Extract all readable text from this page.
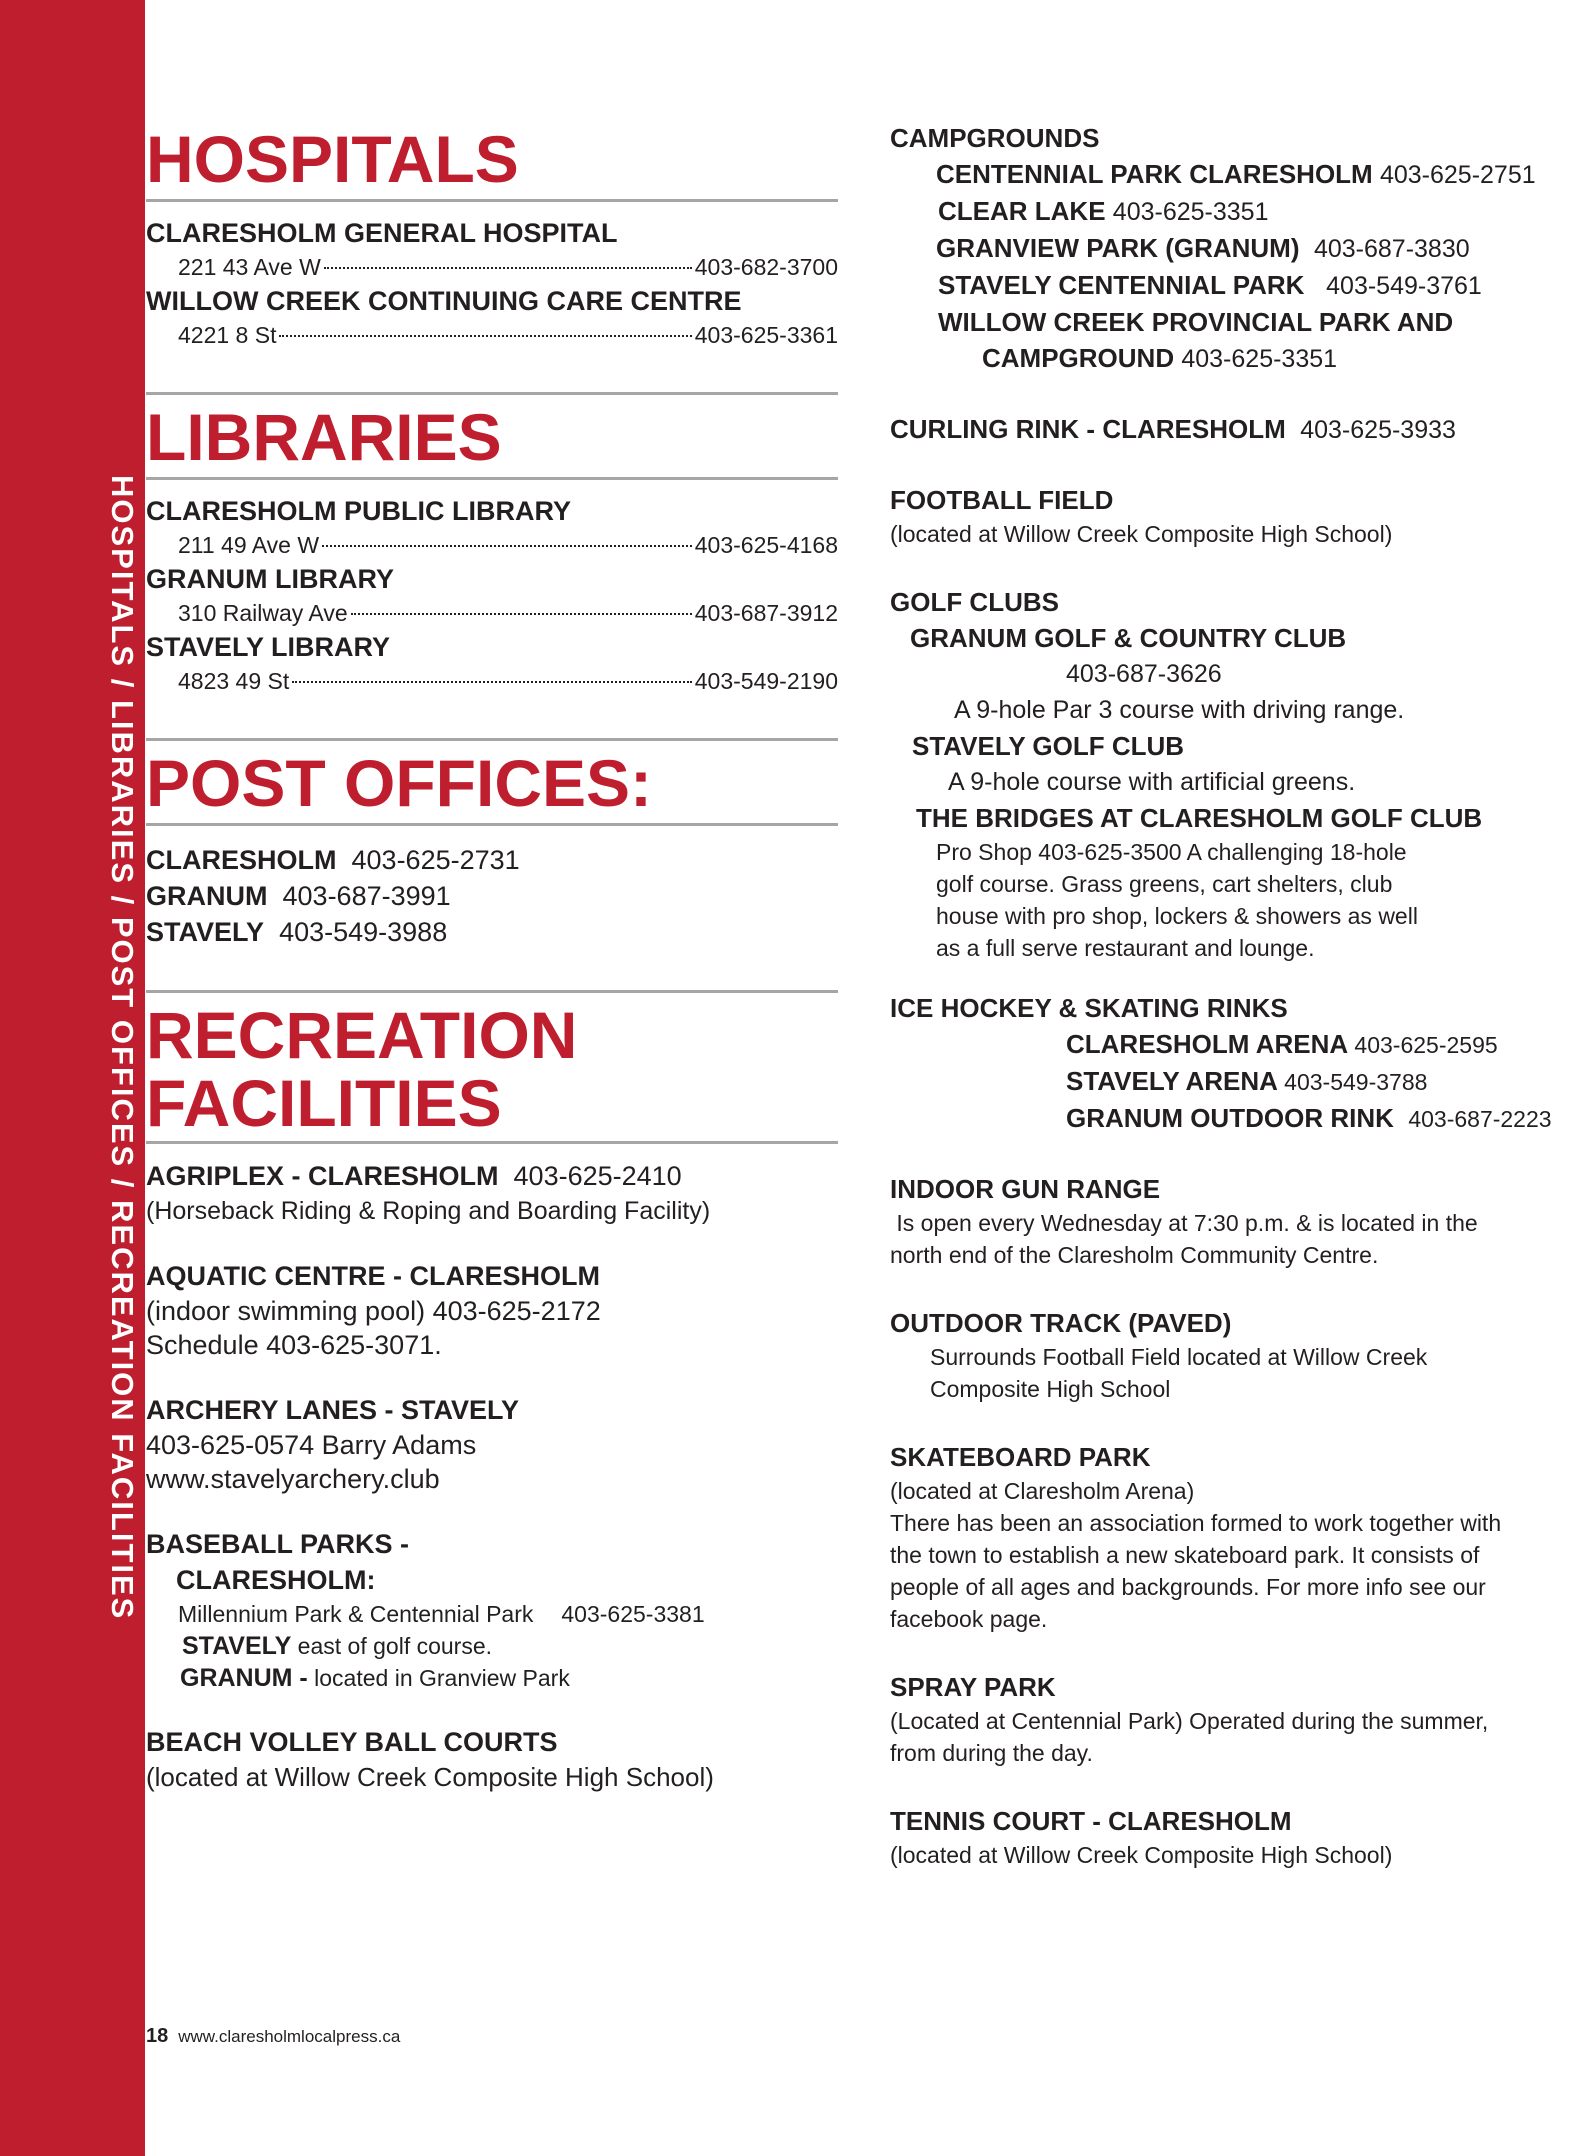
HOSPITALS / LIBRARIES / POST OFFICES / RECREATION FACILITIES
HOSPITALS
CLARESHOLM GENERAL HOSPITAL
221 43 Ave W	403-682-3700
WILLOW CREEK CONTINUING CARE CENTRE
4221 8 St	403-625-3361
LIBRARIES
CLARESHOLM PUBLIC LIBRARY
211 49 Ave W	403-625-4168
GRANUM LIBRARY
310 Railway Ave	403-687-3912
STAVELY LIBRARY
4823 49 St	403-549-2190
POST OFFICES:
CLARESHOLM 403-625-2731
GRANUM 403-687-3991
STAVELY 403-549-3988
RECREATION
FACILITIES
AGRIPLEX - CLARESHOLM 403-625-2410
(Horseback Riding & Roping and Boarding Facility)
AQUATIC CENTRE - CLARESHOLM
(indoor swimming pool) 403-625-2172
Schedule 403-625-3071.
ARCHERY LANES - STAVELY
403-625-0574 Barry Adams
www.stavelyarchery.club
BASEBALL PARKS -
CLARESHOLM:
Millennium Park & Centennial Park 403-625-3381
STAVELY east of golf course.
GRANUM - located in Granview Park
BEACH VOLLEY BALL COURTS
(located at Willow Creek Composite High School)
CAMPGROUNDS
CENTENNIAL PARK CLARESHOLM 403-625-2751
CLEAR LAKE 403-625-3351
GRANVIEW PARK (GRANUM) 403-687-3830
STAVELY CENTENNIAL PARK 403-549-3761
WILLOW CREEK PROVINCIAL PARK AND
CAMPGROUND 403-625-3351
CURLING RINK - CLARESHOLM 403-625-3933
FOOTBALL FIELD
(located at Willow Creek Composite High School)
GOLF CLUBS
GRANUM GOLF & COUNTRY CLUB
403-687-3626
A 9-hole Par 3 course with driving range.
STAVELY GOLF CLUB
A 9-hole course with artificial greens.
THE BRIDGES AT CLARESHOLM GOLF CLUB
Pro Shop 403-625-3500 A challenging 18-hole
golf course. Grass greens, cart shelters, club
house with pro shop, lockers & showers as well
as a full serve restaurant and lounge.
ICE HOCKEY & SKATING RINKS
CLARESHOLM ARENA 403-625-2595
STAVELY ARENA 403-549-3788
GRANUM OUTDOOR RINK 403-687-2223
INDOOR GUN RANGE
Is open every Wednesday at 7:30 p.m. & is located in the
north end of the Claresholm Community Centre.
OUTDOOR TRACK (PAVED)
Surrounds Football Field located at Willow Creek
Composite High School
SKATEBOARD PARK
(located at Claresholm Arena)
There has been an association formed to work together with
the town to establish a new skateboard park. It consists of
people of all ages and backgrounds. For more info see our
facebook page.
SPRAY PARK
(Located at Centennial Park) Operated during the summer,
from during the day.
TENNIS COURT - CLARESHOLM
(located at Willow Creek Composite High School)
18 www.claresholmlocalpress.ca
